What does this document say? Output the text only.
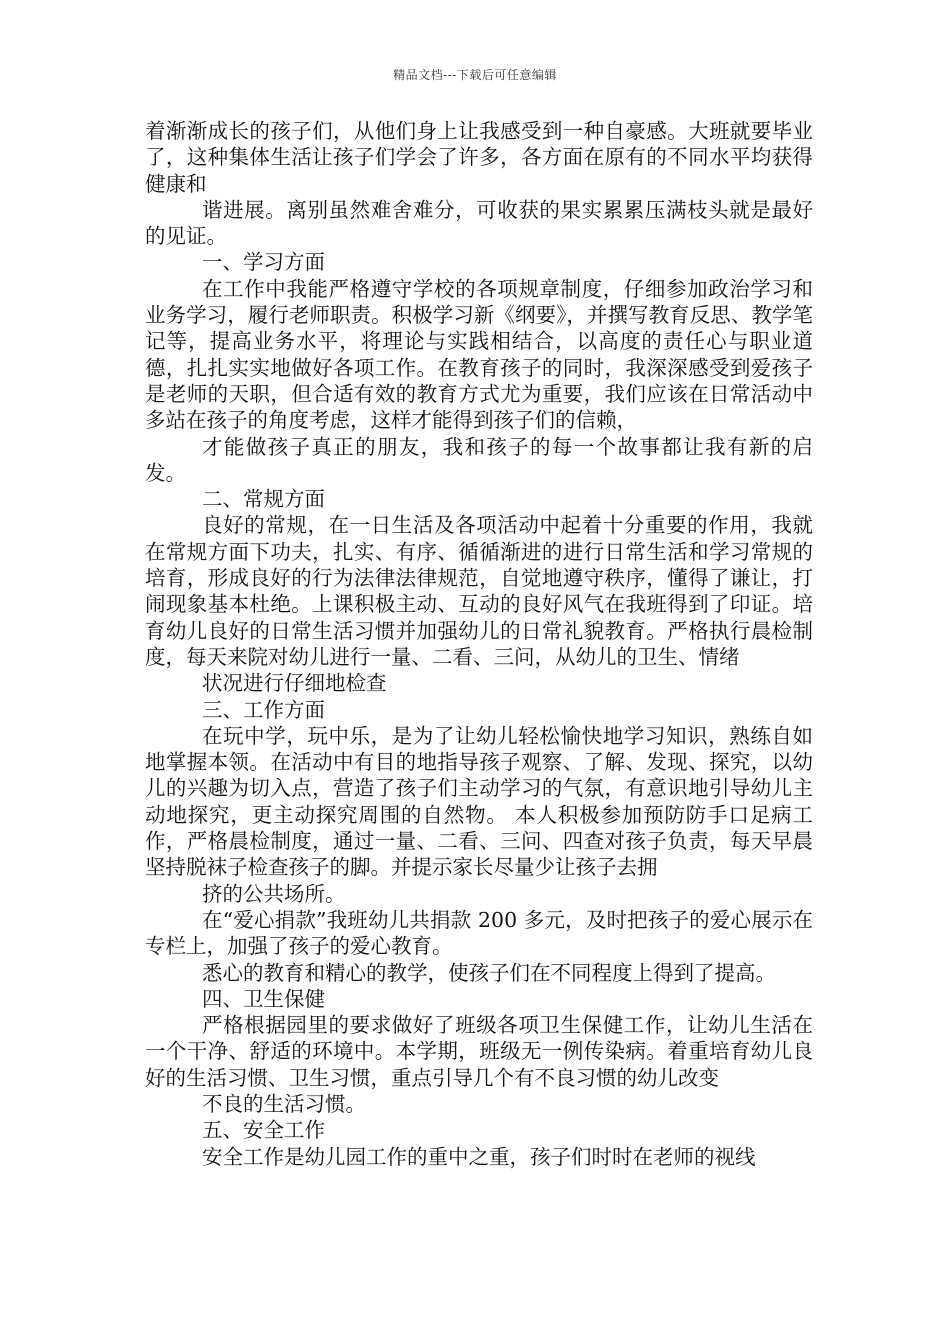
精品文档---下载后可任意编辑

着渐渐成长的孩子们，从他们身上让我感受到一种自豪感。大班就要毕业了，这种集体生活让孩子们学会了许多，各方面在原有的不同水平均获得健康和

谐进展。离别虽然难舍难分，可收获的果实累累压满枝头就是最好的见证。

一、学习方面

在工作中我能严格遵守学校的各项规章制度，仔细参加政治学习和业务学习，履行老师职责。积极学习新《纲要》，并撰写教育反思、教学笔记等，提高业务水平，将理论与实践相结合，以高度的责任心与职业道德，扎扎实实地做好各项工作。在教育孩子的同时，我深深感受到爱孩子是老师的天职，但合适有效的教育方式尤为重要，我们应该在日常活动中多站在孩子的角度考虑，这样才能得到孩子们的信赖，

才能做孩子真正的朋友，我和孩子的每一个故事都让我有新的启发。

二、常规方面

良好的常规，在一日生活及各项活动中起着十分重要的作用，我就在常规方面下功夫，扎实、有序、循循渐进的进行日常生活和学习常规的培育，形成良好的行为法律法律规范，自觉地遵守秩序，懂得了谦让，打闹现象基本杜绝。上课积极主动、互动的良好风气在我班得到了印证。培育幼儿良好的日常生活习惯并加强幼儿的日常礼貌教育。严格执行晨检制度，每天来院对幼儿进行一量、二看、三问，从幼儿的卫生、情绪

状况进行仔细地检查

三、工作方面

在玩中学，玩中乐，是为了让幼儿轻松愉快地学习知识，熟练自如地掌握本领。在活动中有目的地指导孩子观察、了解、发现、探究，以幼儿的兴趣为切入点，营造了孩子们主动学习的气氛，有意识地引导幼儿主动地探究，更主动探究周围的自然物。 本人积极参加预防防手口足病工作，严格晨检制度，通过一量、二看、三问、四查对孩子负责，每天早晨坚持脱袜子检查孩子的脚。并提示家长尽量少让孩子去拥

挤的公共场所。

在“爱心捐款”我班幼儿共捐款 200 多元，及时把孩子的爱心展示在专栏上，加强了孩子的爱心教育。

悉心的教育和精心的教学，使孩子们在不同程度上得到了提高。

四、卫生保健

严格根据园里的要求做好了班级各项卫生保健工作，让幼儿生活在一个干净、舒适的环境中。本学期，班级无一例传染病。着重培育幼儿良好的生活习惯、卫生习惯，重点引导几个有不良习惯的幼儿改变

不良的生活习惯。

五、安全工作

安全工作是幼儿园工作的重中之重，孩子们时时在老师的视线
